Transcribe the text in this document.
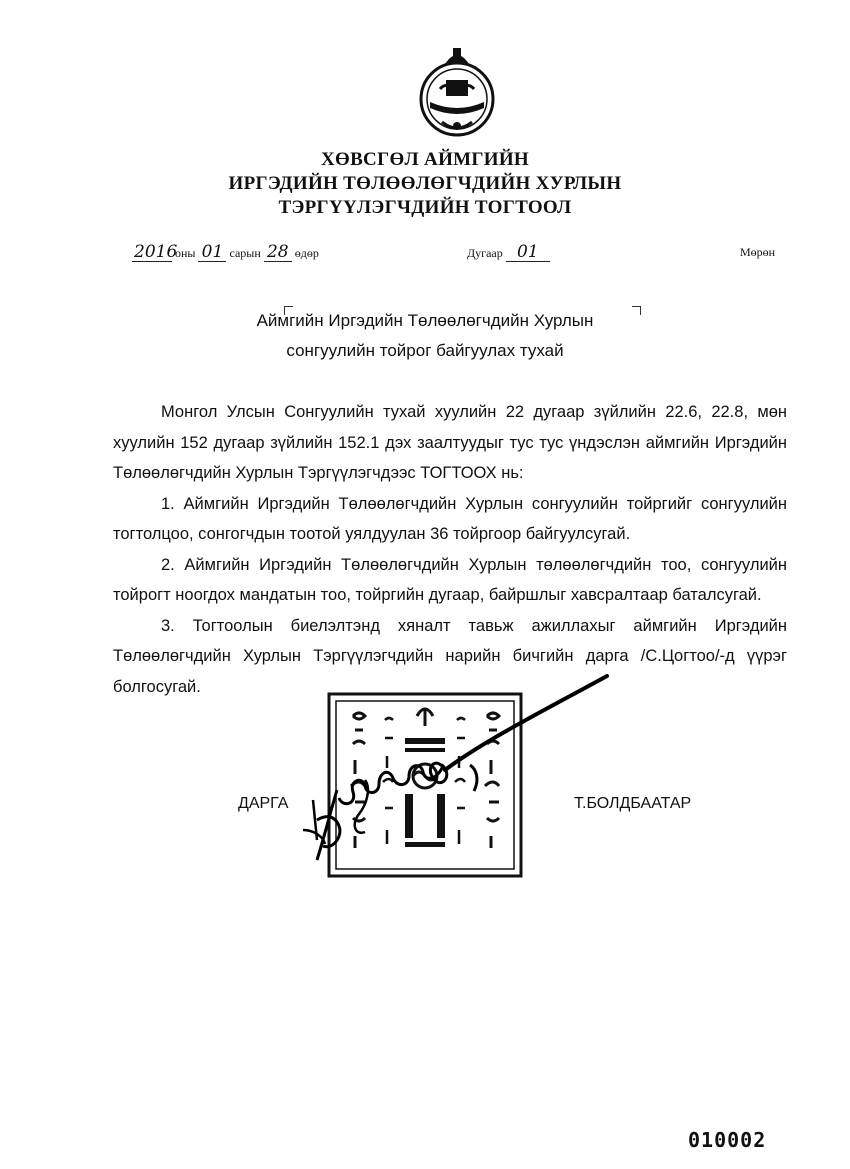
ХӨВСГӨЛ АЙМГИЙН
ИРГЭДИЙН ТӨЛӨӨЛӨГЧДИЙН ХУРЛЫН
ТЭРГҮҮЛЭГЧДИЙН ТОГТООЛ
2016 оны 01 сарын 28 өдөр	Дугаар 01	Мөрөн
Аймгийн Иргэдийн Төлөөлөгчдийн Хурлын
сонгуулийн тойрог байгуулах тухай

Монгол Улсын Сонгуулийн тухай хуулийн 22 дугаар зүйлийн 22.6, 22.8, мөн хуулийн 152 дугаар зүйлийн 152.1 дэх заалтуудыг тус тус үндэслэн аймгийн Иргэдийн Төлөөлөгчдийн Хурлын Тэргүүлэгчдээс ТОГТООХ нь:

1. Аймгийн Иргэдийн Төлөөлөгчдийн Хурлын сонгуулийн тойргийг сонгуулийн тогтолцоо, сонгогчдын тоотой уялдуулан 36 тойргоор байгуулсугай.

2. Аймгийн Иргэдийн Төлөөлөгчдийн Хурлын төлөөлөгчдийн тоо, сонгуулийн тойрогт ноогдох мандатын тоо, тойргийн дугаар, байршлыг хавсралтаар баталсугай.

3. Тогтоолын биелэлтэнд хяналт тавьж ажиллахыг аймгийн Иргэдийн Төлөөлөгчдийн Хурлын Тэргүүлэгчдийн нарийн бичгийн дарга /С.Цогтоо/-д үүрэг болгосугай.

ДАРГА	Т.БОЛДБААТАР
010002
